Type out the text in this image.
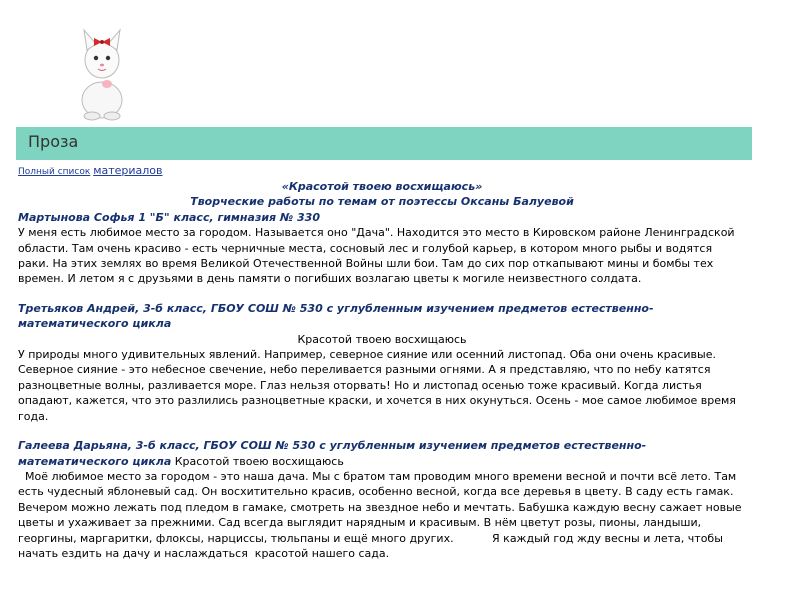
Проза
Полный список материалов

«Красотой твоею восхищаюсь»

Творческие работы по темам от поэтессы Оксаны Балуевой

Мартынова Софья 1 "Б" класс, гимназия № 330

У меня есть любимое место за городом. Называется оно "Дача". Находится это место в Кировском районе Ленинградской области. Там очень красиво - есть черничные места, сосновый лес и голубой карьер, в котором много рыбы и водятся раки. На этих землях во время Великой Отечественной Войны шли бои. Там до сих пор откапывают мины и бомбы тех времен. И летом я с друзьями в день памяти о погибших возлагаю цветы к могиле неизвестного солдата.

Третьяков Андрей, 3-б класс, ГБОУ СОШ № 530 с углубленным изучением предметов естественно-математического цикла

Красотой твоею восхищаюсь

У природы много удивительных явлений. Например, северное сияние или осенний листопад. Оба они очень красивые. Северное сияние - это небесное свечение, небо переливается разными огнями. А я представляю, что по небу катятся разноцветные волны, разливается море. Глаз нельзя оторвать! Но и листопад осенью тоже красивый. Когда листья опадают, кажется, что это разлились разноцветные краски, и хочется в них окунуться. Осень - мое самое любимое время года.

Галеева Дарьяна, 3-б класс, ГБОУ СОШ № 530 с углубленным изучением предметов естественно-математического цикла Красотой твоею восхищаюсь

Моё любимое место за городом - это наша дача. Мы с братом там проводим много времени весной и почти всё лето. Там есть чудесный яблоневый сад. Он восхитительно красив, особенно весной, когда все деревья в цвету. В саду есть гамак. Вечером можно лежать под пледом в гамаке, смотреть на звездное небо и мечтать. Бабушка каждую весну сажает новые цветы и ухаживает за прежними. Сад всегда выглядит нарядным и красивым. В нём цветут розы, пионы, ландыши, георгины, маргаритки, флоксы, нарциссы, тюльпаны и ещё много других.           Я каждый год жду весны и лета, чтобы начать ездить на дачу и наслаждаться  красотой нашего сада.
